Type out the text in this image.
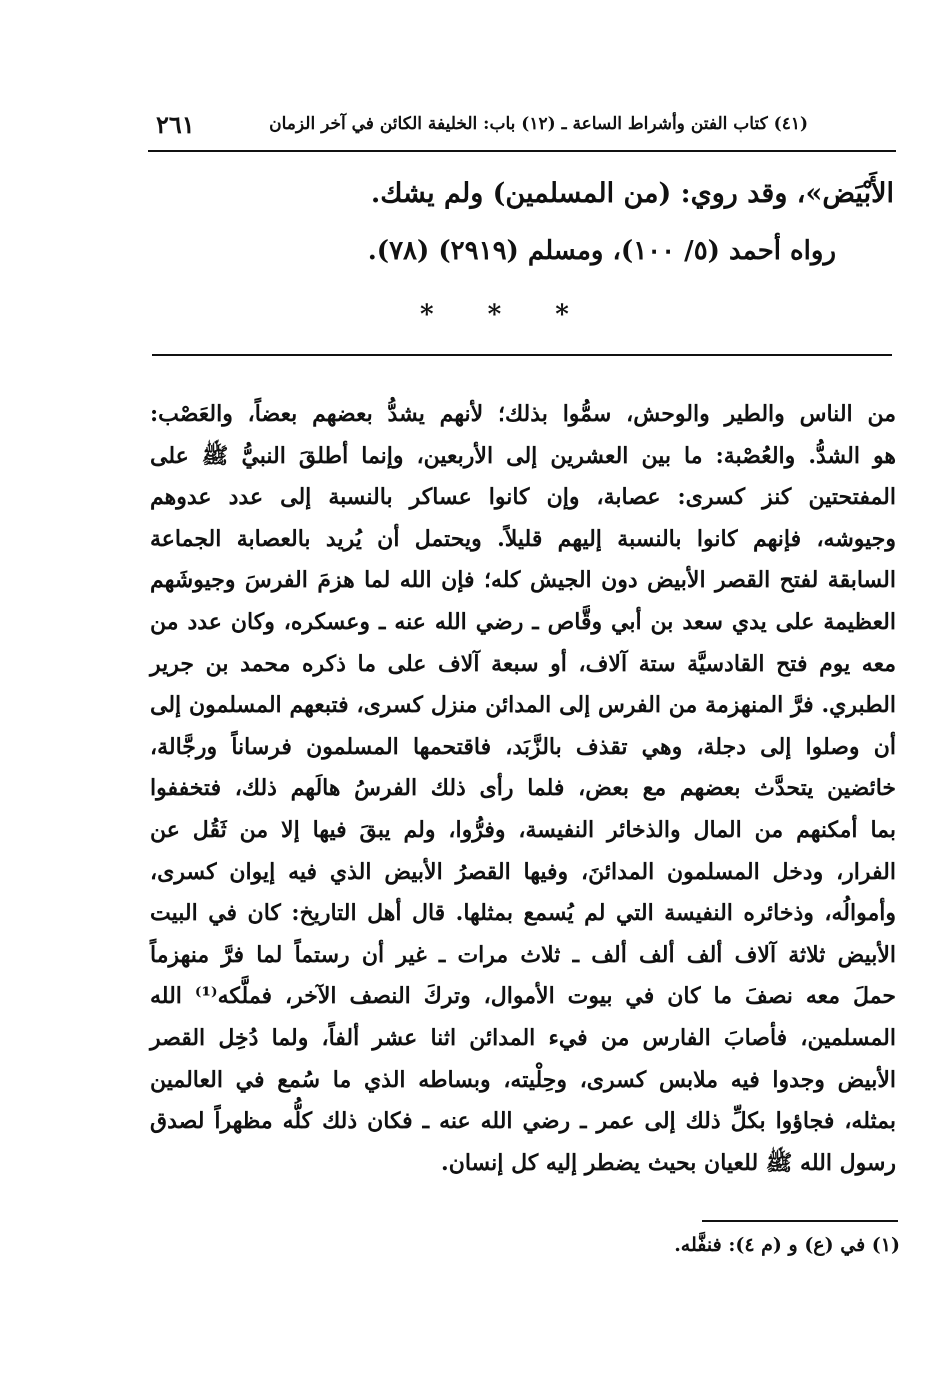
(٤١) كتاب الفتن وأشراط الساعة ـ (١٢) باب: الخليفة الكائن في آخر الزمان
٢٦١
الأَبْيَض»، وقد روي: (من المسلمين) ولم يشك.
رواه أحمد (٥/ ١٠٠)، ومسلم (٢٩١٩) (٧٨).
***
من الناس والطير والوحش، سمُّوا بذلك؛ لأنهم يشدُّ بعضهم بعضاً، والعَصْب:
هو الشدُّ. والعُصْبة: ما بين العشرين إلى الأربعين، وإنما أطلقَ النبيُّ ﷺ على
المفتحتين كنز كسرى: عصابة، وإن كانوا عساكر بالنسبة إلى عدد عدوهم
وجيوشه، فإنهم كانوا بالنسبة إليهم قليلاً. ويحتمل أن يُريد بالعصابة الجماعة
السابقة لفتح القصر الأبيض دون الجيش كله؛ فإن الله لما هزمَ الفرسَ وجيوشَهم
العظيمة على يدي سعد بن أبي وقَّاص ـ رضي الله عنه ـ وعسكره، وكان عدد من
معه يوم فتح القادسيَّة ستة آلاف، أو سبعة آلاف على ما ذكره محمد بن جرير
الطبري. فرَّ المنهزمة من الفرس إلى المدائن منزل كسرى، فتبعهم المسلمون إلى
أن وصلوا إلى دجلة، وهي تقذف بالزَّبَد، فاقتحمها المسلمون فرساناً ورجَّالة،
خائضين يتحدَّث بعضهم مع بعض، فلما رأى ذلك الفرسُ هالَهم ذلك، فتخففوا
بما أمكنهم من المال والذخائر النفيسة، وفرُّوا، ولم يبقَ فيها إلا من ثَقُل عن
الفرار، ودخل المسلمون المدائنَ، وفيها القصرُ الأبيض الذي فيه إيوان كسرى،
وأموالُه، وذخائره النفيسة التي لم يُسمع بمثلها. قال أهل التاريخ: كان في البيت
الأبيض ثلاثة آلاف ألف ألف ألف ـ ثلاث مرات ـ غير أن رستماً لما فرَّ منهزماً
حملَ معه نصفَ ما كان في بيوت الأموال، وتركَ النصف الآخر، فملَّكه⁽¹⁾ الله
المسلمين، فأصابَ الفارس من فيء المدائن اثنا عشر ألفاً، ولما دُخِل القصر
الأبيض وجدوا فيه ملابس كسرى، وحِلْيته، وبساطه الذي ما سُمع في العالمين
بمثله، فجاؤوا بكلِّ ذلك إلى عمر ـ رضي الله عنه ـ فكان ذلك كلُّه مظهراً لصدق
رسول الله ﷺ للعيان بحيث يضطر إليه كل إنسان.
(١) في (ع) و (م ٤): فنفَّله.
